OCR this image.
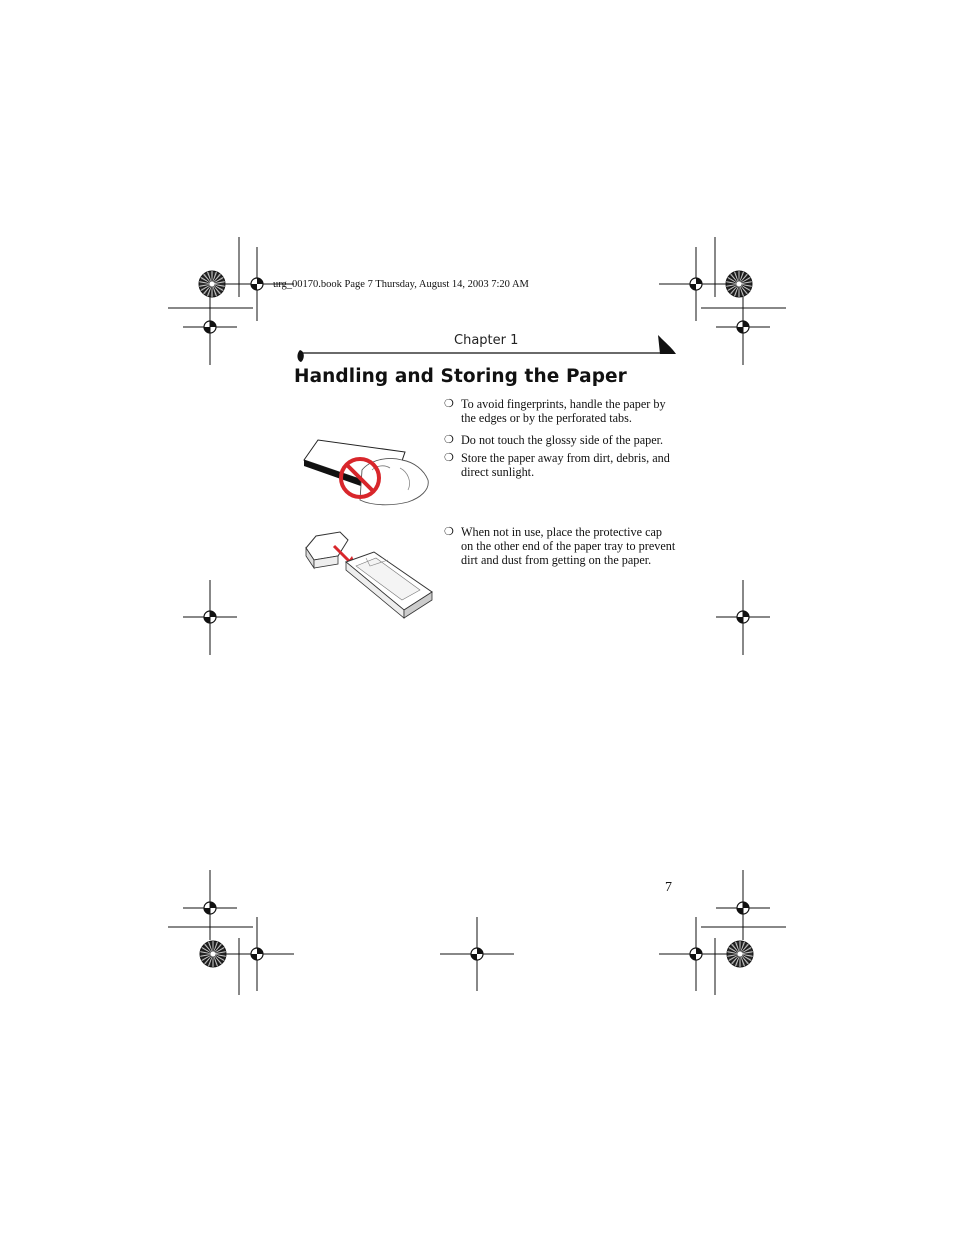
urg_00170.book Page 7 Thursday, August 14, 2003 7:20 AM
Chapter 1
Handling and Storing the Paper
❍ To avoid fingerprints, handle the paper by the edges or by the perforated tabs.
❍ Do not touch the glossy side of the paper.
❍ Store the paper away from dirt, debris, and direct sunlight.
❍ When not in use, place the protective cap on the other end of the paper tray to prevent dirt and dust from getting on the paper.
7
